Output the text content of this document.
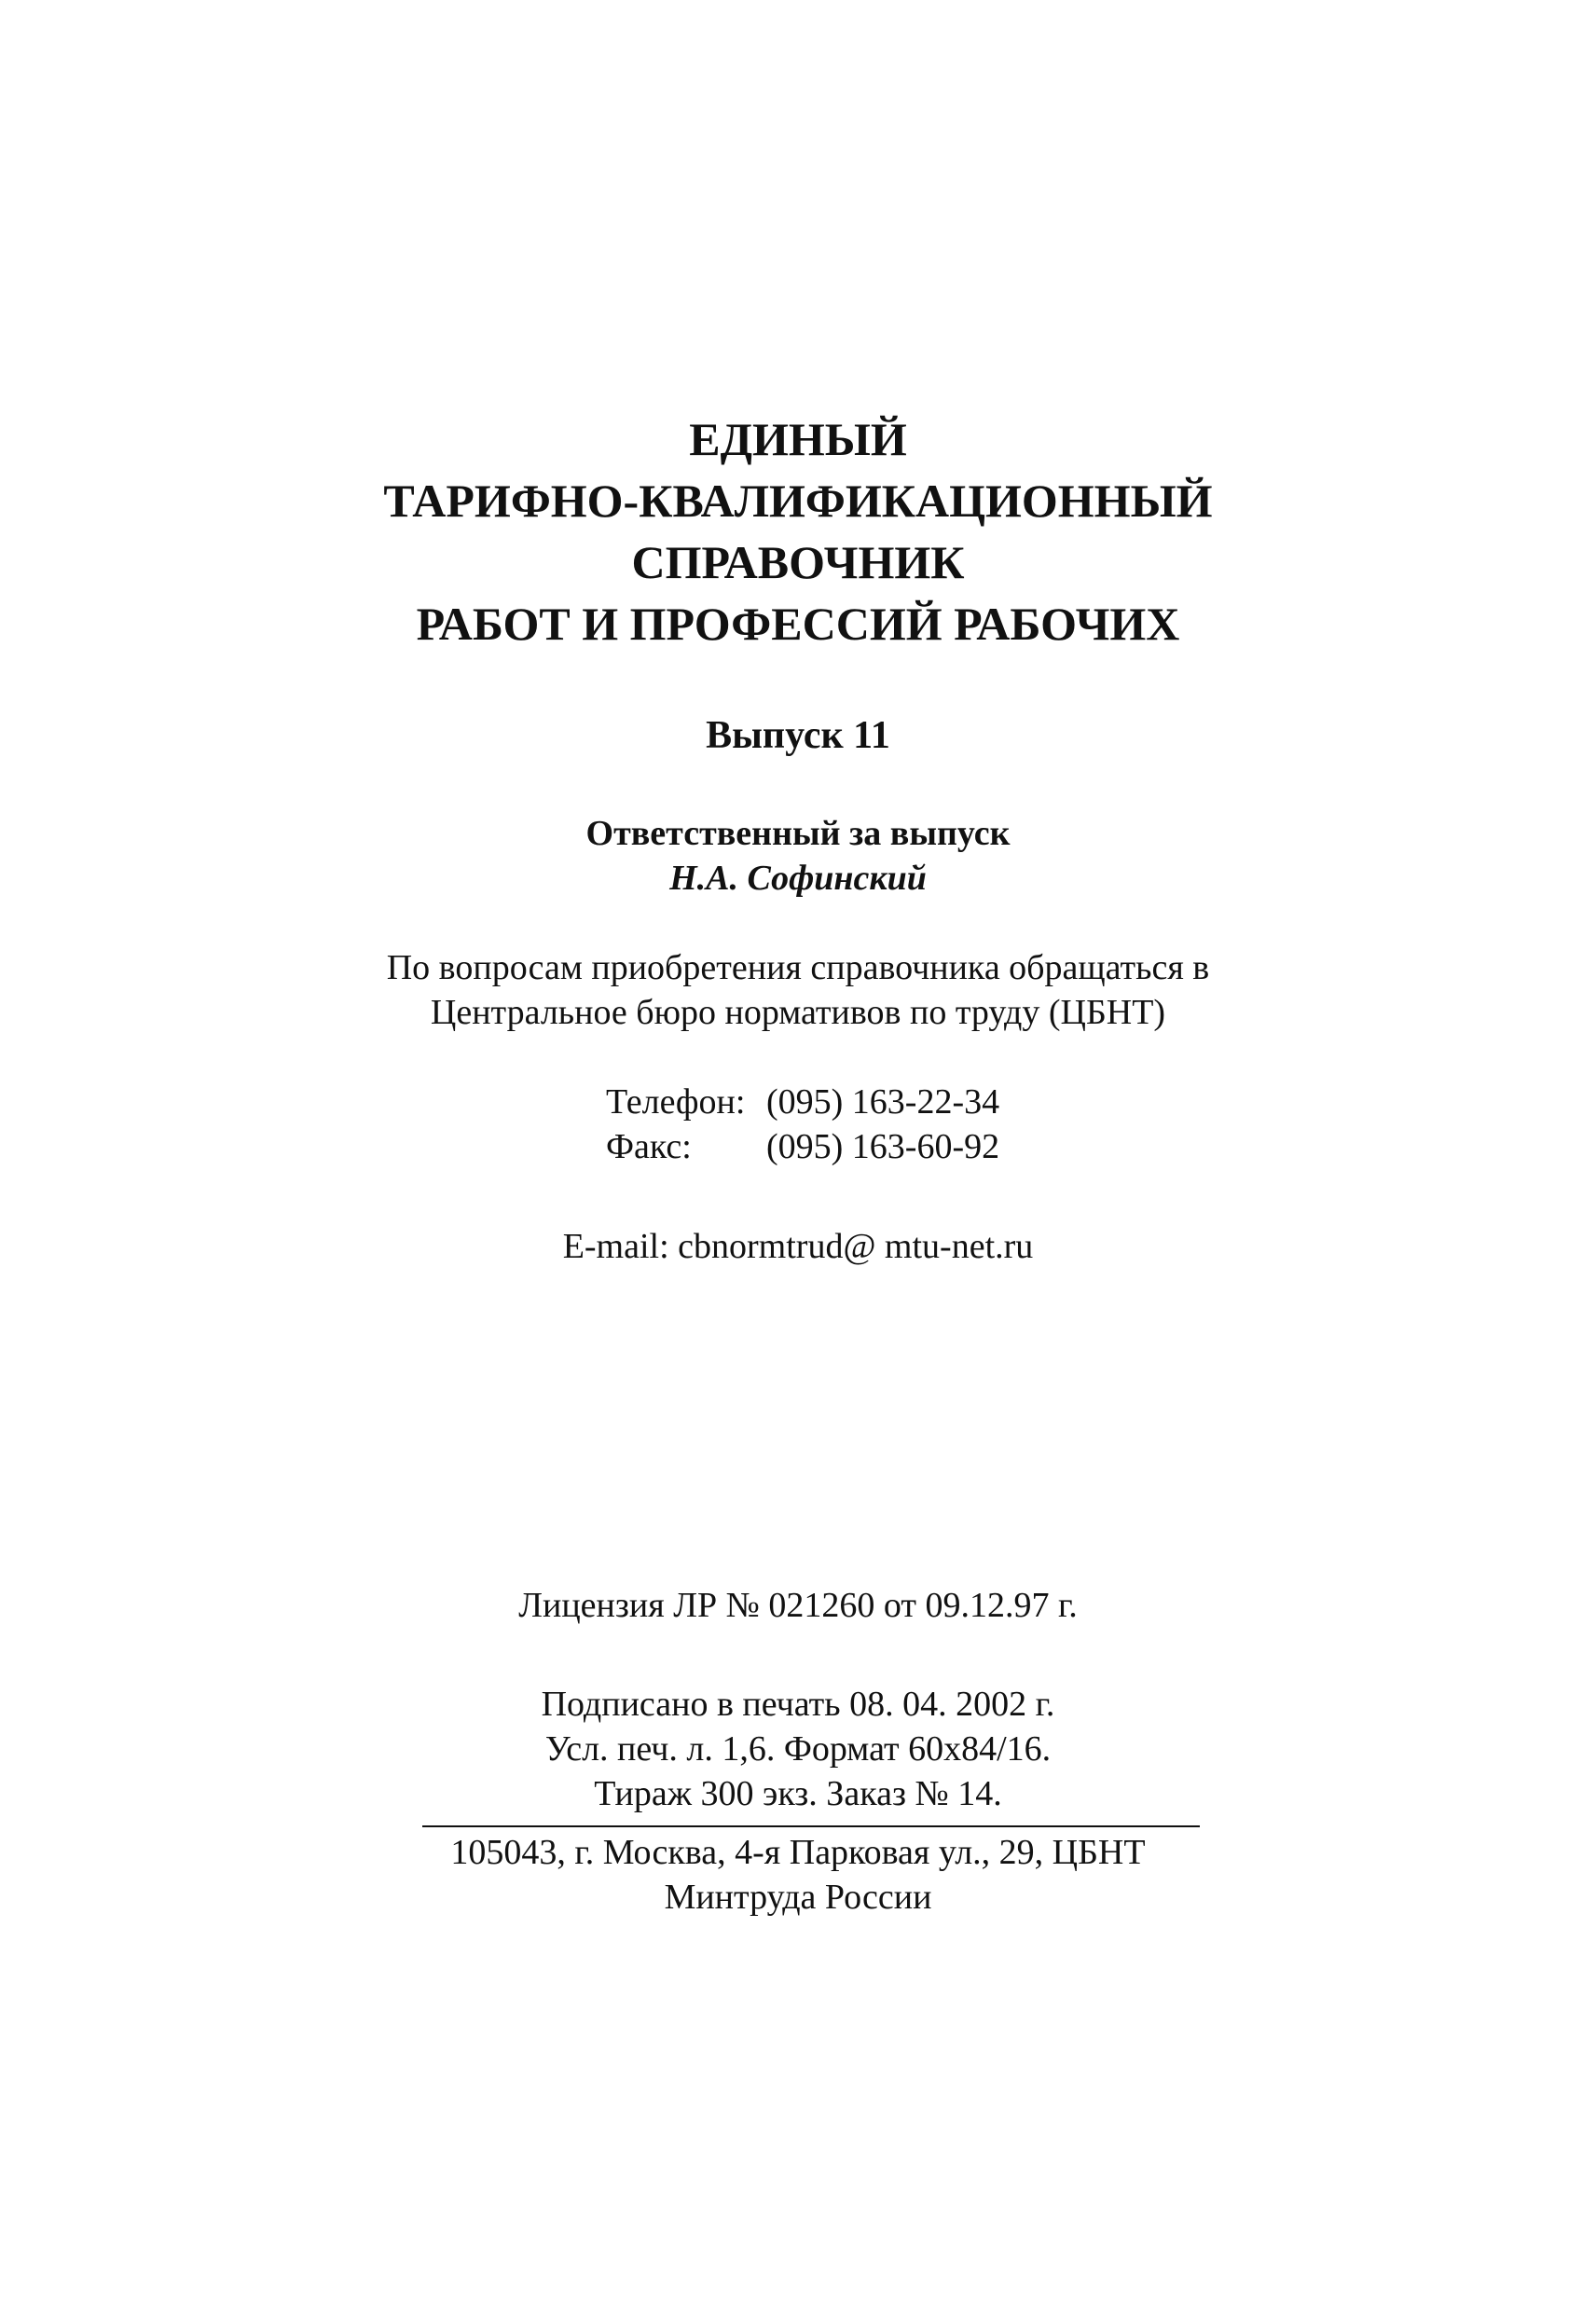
ЕДИНЫЙ
ТАРИФНО-КВАЛИФИКАЦИОННЫЙ
СПРАВОЧНИК
РАБОТ И ПРОФЕССИЙ РАБОЧИХ
Выпуск 11
Ответственный за выпуск
Н.А. Софинский
По вопросам приобретения справочника обращаться в
Центральное бюро нормативов по труду (ЦБНТ)
Телефон: (095) 163-22-34
Факс: (095) 163-60-92
E-mail: cbnormtrud@ mtu-net.ru
Лицензия ЛР № 021260 от 09.12.97 г.
Подписано в печать 08. 04. 2002 г.
Усл. печ. л. 1,6. Формат 60x84/16.
Тираж 300 экз. Заказ № 14.
105043, г. Москва, 4-я Парковая ул., 29, ЦБНТ
Минтруда России
